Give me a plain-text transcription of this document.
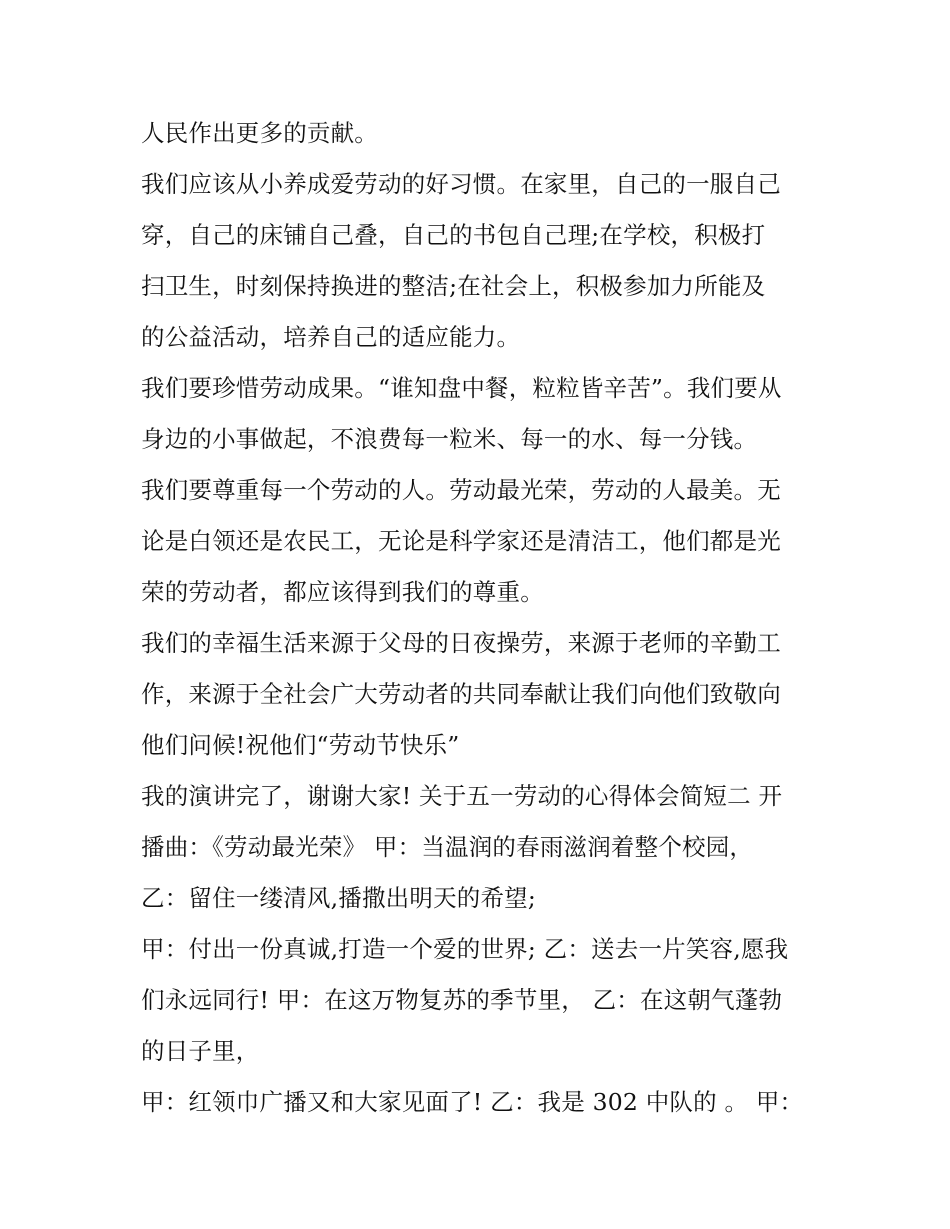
人民作出更多的贡献。
我们应该从小养成爱劳动的好习惯。在家里，自己的一服自己
穿，自己的床铺自己叠，自己的书包自己理;在学校，积极打
扫卫生，时刻保持换进的整洁;在社会上，积极参加力所能及
的公益活动，培养自己的适应能力。
我们要珍惜劳动成果。“谁知盘中餐，粒粒皆辛苦”。我们要从
身边的小事做起，不浪费每一粒米、每一的水、每一分钱。
我们要尊重每一个劳动的人。劳动最光荣，劳动的人最美。无
论是白领还是农民工，无论是科学家还是清洁工，他们都是光
荣的劳动者，都应该得到我们的尊重。
我们的幸福生活来源于父母的日夜操劳，来源于老师的辛勤工
作，来源于全社会广大劳动者的共同奉献让我们向他们致敬向
他们问候!祝他们“劳动节快乐”
我的演讲完了，谢谢大家! 关于五一劳动的心得体会简短二 开
播曲：《劳动最光荣》 甲：当温润的春雨滋润着整个校园，
乙：留住一缕清风,播撒出明天的希望;
甲：付出一份真诚,打造一个爱的世界; 乙：送去一片笑容,愿我
们永远同行! 甲：在这万物复苏的季节里， 乙：在这朝气蓬勃
的日子里，
甲：红领巾广播又和大家见面了! 乙：我是 302 中队的 。 甲：
